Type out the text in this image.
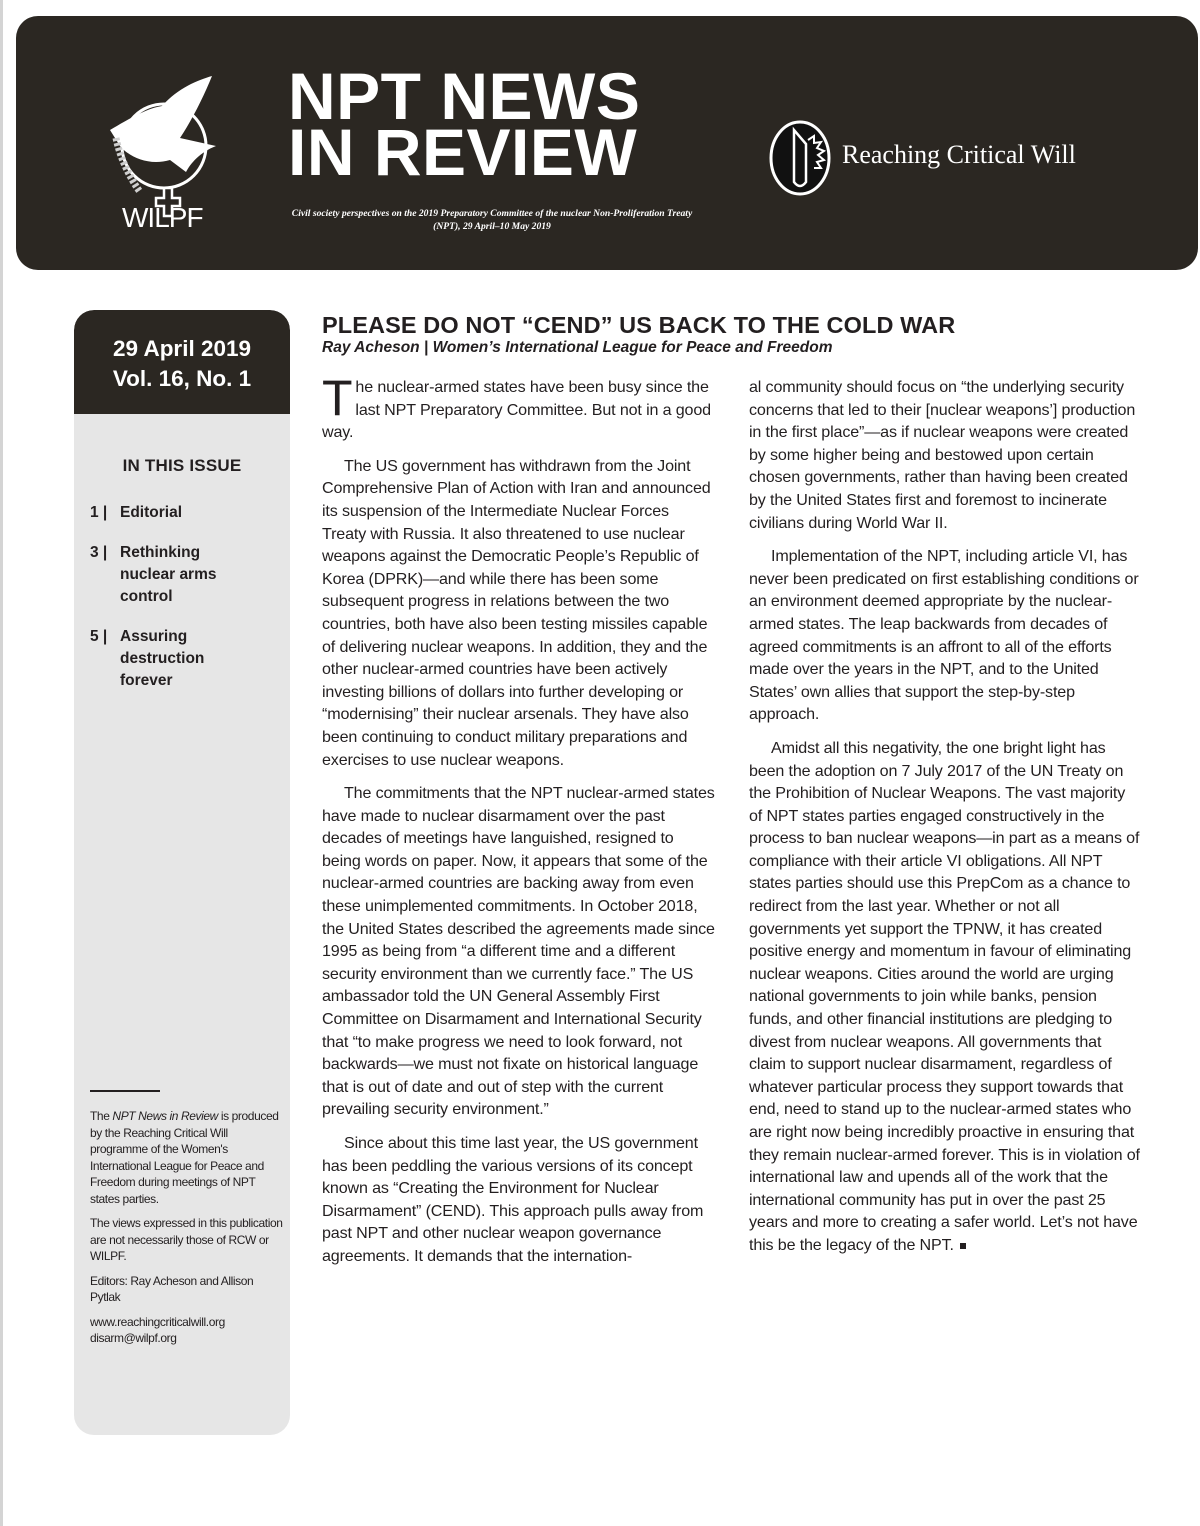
WILPF
NPT NEWS
IN REVIEW
Civil society perspectives on the 2019 Preparatory Committee of the nuclear Non-Proliferation Treaty (NPT), 29 April–10 May 2019
Reaching Critical Will
29 April 2019
Vol. 16, No. 1
IN THIS ISSUE
1 | Editorial
3 | Rethinking nuclear arms control
5 | Assuring destruction forever

The NPT News in Review is produced by the Reaching Critical Will programme of the Women's International League for Peace and Freedom during meetings of NPT states parties.

The views expressed in this publication are not necessarily those of RCW or WILPF.

Editors: Ray Acheson and Allison Pytlak

www.reachingcriticalwill.org
disarm@wilpf.org
PLEASE DO NOT “CEND” US BACK TO THE COLD WAR
Ray Acheson | Women’s International League for Peace and Freedom

The nuclear-armed states have been busy since the last NPT Preparatory Committee. But not in a good way.

The US government has withdrawn from the Joint Comprehensive Plan of Action with Iran and announced its suspension of the Intermediate Nuclear Forces Treaty with Russia. It also threatened to use nuclear weapons against the Democratic People’s Republic of Korea (DPRK)—and while there has been some subsequent progress in relations between the two countries, both have also been testing missiles capable of delivering nuclear weapons. In addition, they and the other nuclear-armed countries have been actively investing billions of dollars into further developing or “modernising” their nuclear arsenals. They have also been continuing to conduct military preparations and exercises to use nuclear weapons.

The commitments that the NPT nuclear-armed states have made to nuclear disarmament over the past decades of meetings have languished, resigned to being words on paper. Now, it appears that some of the nuclear-armed countries are backing away from even these unimplemented commitments. In October 2018, the United States described the agreements made since 1995 as being from “a different time and a different security environment than we currently face.” The US ambassador told the UN General Assembly First Committee on Disarmament and International Security that “to make progress we need to look forward, not backwards—we must not fixate on historical language that is out of date and out of step with the current prevailing security environment.”

Since about this time last year, the US government has been peddling the various versions of its concept known as “Creating the Environment for Nuclear Disarmament” (CEND). This approach pulls away from past NPT and other nuclear weapon governance agreements. It demands that the internation-

al community should focus on “the underlying security concerns that led to their [nuclear weapons’] production in the first place”—as if nuclear weapons were created by some higher being and bestowed upon certain chosen governments, rather than having been created by the United States first and foremost to incinerate civilians during World War II.

Implementation of the NPT, including article VI, has never been predicated on first establishing conditions or an environment deemed appropriate by the nuclear-armed states. The leap backwards from decades of agreed commitments is an affront to all of the efforts made over the years in the NPT, and to the United States’ own allies that support the step-by-step approach.

Amidst all this negativity, the one bright light has been the adoption on 7 July 2017 of the UN Treaty on the Prohibition of Nuclear Weapons. The vast majority of NPT states parties engaged constructively in the process to ban nuclear weapons—in part as a means of compliance with their article VI obligations. All NPT states parties should use this PrepCom as a chance to redirect from the last year. Whether or not all governments yet support the TPNW, it has created positive energy and momentum in favour of eliminating nuclear weapons. Cities around the world are urging national governments to join while banks, pension funds, and other financial institutions are pledging to divest from nuclear weapons. All governments that claim to support nuclear disarmament, regardless of whatever particular process they support towards that end, need to stand up to the nuclear-armed states who are right now being incredibly proactive in ensuring that they remain nuclear-armed forever. This is in violation of international law and upends all of the work that the international community has put in over the past 25 years and more to creating a safer world. Let’s not have this be the legacy of the NPT.
